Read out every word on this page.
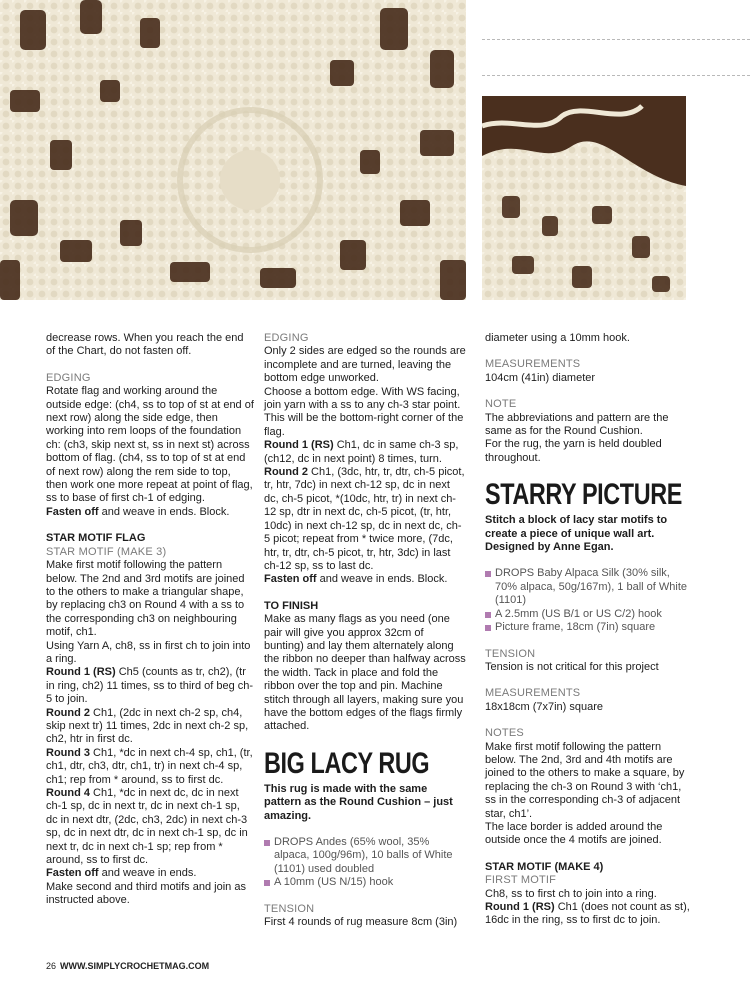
decrease rows. When you reach the end of the Chart, do not fasten off.

EDGING

Rotate flag and working around the outside edge: (ch4, ss to top of st at end of next row) along the side edge, then working into rem loops of the foundation ch: (ch3, skip next st, ss in next st) across bottom of flag. (ch4, ss to top of st at end of next row) along the rem side to top, then work one more repeat at point of flag, ss to base of first ch-1 of edging.
Fasten off and weave in ends. Block.

STAR MOTIF FLAG
STAR MOTIF (MAKE 3)
Make first motif following the pattern below. The 2nd and 3rd motifs are joined to the others to make a triangular shape, by replacing ch3 on Round 4 with a ss to the corresponding ch3 on neighbouring motif, ch1.
Using Yarn A, ch8, ss in first ch to join into a ring.
Round 1 (RS) Ch5 (counts as tr, ch2), (tr in ring, ch2) 11 times, ss to third of beg ch-5 to join.
Round 2 Ch1, (2dc in next ch-2 sp, ch4, skip next tr) 11 times, 2dc in next ch-2 sp, ch2, htr in first dc.
Round 3 Ch1, *dc in next ch-4 sp, ch1, (tr, ch1, dtr, ch3, dtr, ch1, tr) in next ch-4 sp, ch1; rep from * around, ss to first dc.
Round 4 Ch1, *dc in next dc, dc in next ch-1 sp, dc in next tr, dc in next ch-1 sp, dc in next dtr, (2dc, ch3, 2dc) in next ch-3 sp, dc in next dtr, dc in next ch-1 sp, dc in next tr, dc in next ch-1 sp; rep from * around, ss to first dc.
Fasten off and weave in ends.
Make second and third motifs and join as instructed above.
EDGING
Only 2 sides are edged so the rounds are incomplete and are turned, leaving the bottom edge unworked.
Choose a bottom edge. With WS facing, join yarn with a ss to any ch-3 star point. This will be the bottom-right corner of the flag.
Round 1 (RS) Ch1, dc in same ch-3 sp, (ch12, dc in next point) 8 times, turn.
Round 2 Ch1, (3dc, htr, tr, dtr, ch-5 picot, tr, htr, 7dc) in next ch-12 sp, dc in next dc, ch-5 picot, *(10dc, htr, tr) in next ch-12 sp, dtr in next dc, ch-5 picot, (tr, htr, 10dc) in next ch-12 sp, dc in next dc, ch-5 picot; repeat from * twice more, (7dc, htr, tr, dtr, ch-5 picot, tr, htr, 3dc) in last ch-12 sp, ss to last dc.

Fasten off and weave in ends. Block.

TO FINISH

Make as many flags as you need (one pair will give you approx 32cm of bunting) and lay them alternately along the ribbon no deeper than halfway across the width. Tack in place and fold the ribbon over the top and pin. Machine stitch through all layers, making sure you have the bottom edges of the flags firmly attached.

BIG LACY RUG
This rug is made with the same pattern as the Round Cushion – just amazing.
DROPS Andes (65% wool, 35% alpaca, 100g/96m), 10 balls of White (1101) used doubled
A 10mm (US N/15) hook
TENSION
First 4 rounds of rug measure 8cm (3in)

diameter using a 10mm hook.

MEASUREMENTS

104cm (41in) diameter

NOTE
The abbreviations and pattern are the same as for the Round Cushion.

For the rug, the yarn is held doubled throughout.

STARRY PICTURE
Stitch a block of lacy star motifs to create a piece of unique wall art. Designed by Anne Egan.
DROPS Baby Alpaca Silk (30% silk, 70% alpaca, 50g/167m), 1 ball of White (1101)
A 2.5mm (US B/1 or US C/2) hook
Picture frame, 18cm (7in) square
TENSION

Tension is not critical for this project

MEASUREMENTS

18x18cm (7x7in) square

NOTES
Make first motif following the pattern below. The 2nd, 3rd and 4th motifs are joined to the others to make a square, by replacing the ch-3 on Round 3 with ‘ch1, ss in the corresponding ch-3 of adjacent star, ch1’.

The lace border is added around the outside once the 4 motifs are joined.

STAR MOTIF (MAKE 4)
FIRST MOTIF
Ch8, ss to first ch to join into a ring.
Round 1 (RS) Ch1 (does not count as st), 16dc in the ring, ss to first dc to join.
26 WWW.SIMPLYCROCHETMAG.COM
